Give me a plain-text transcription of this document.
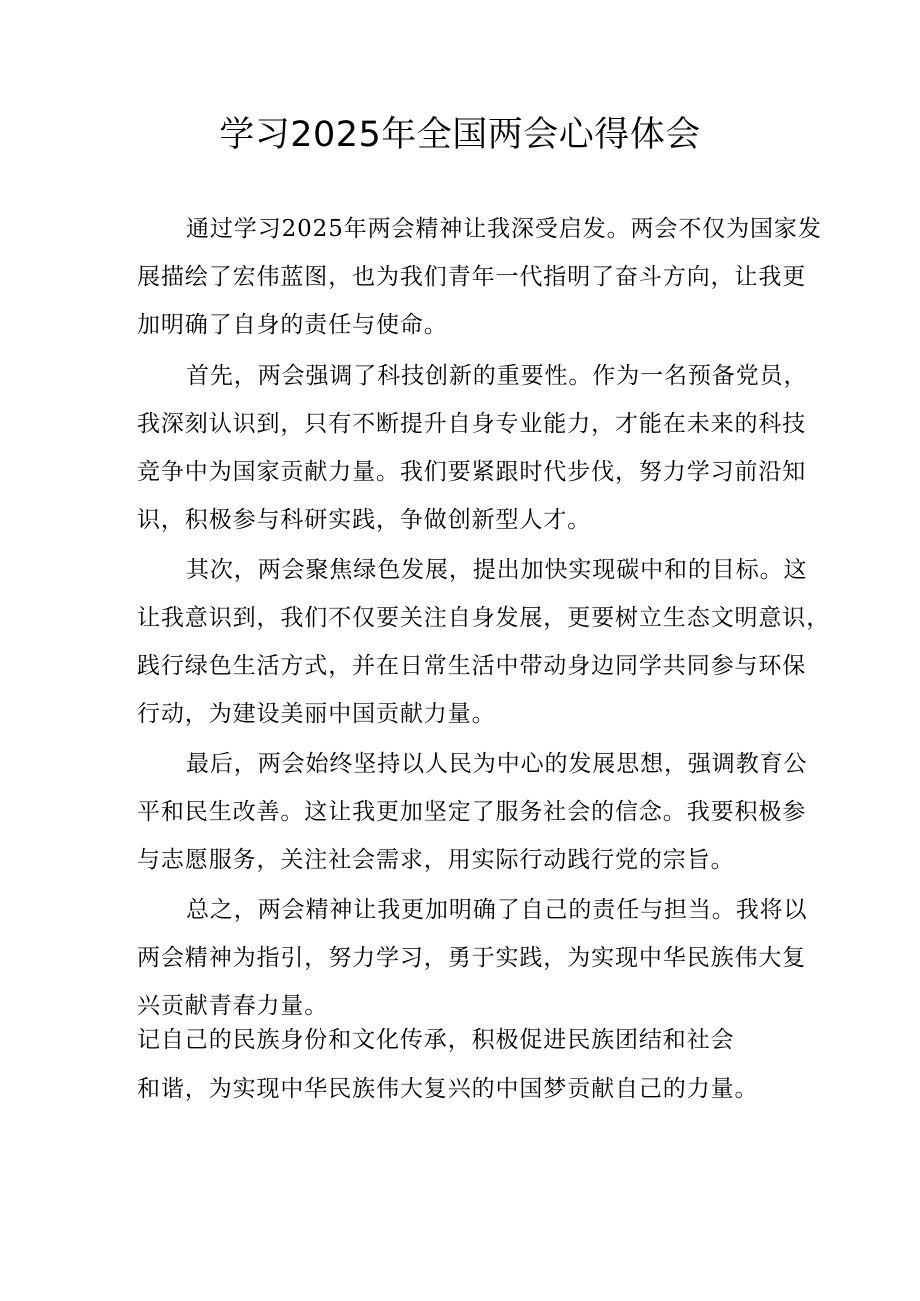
学习2025年全国两会心得体会
通过学习2025年两会精神让我深受启发。两会不仅为国家发
展描绘了宏伟蓝图，也为我们青年一代指明了奋斗方向，让我更
加明确了自身的责任与使命。
首先，两会强调了科技创新的重要性。作为一名预备党员，
我深刻认识到，只有不断提升自身专业能力，才能在未来的科技
竞争中为国家贡献力量。我们要紧跟时代步伐，努力学习前沿知
识，积极参与科研实践，争做创新型人才。
其次，两会聚焦绿色发展，提出加快实现碳中和的目标。这
让我意识到，我们不仅要关注自身发展，更要树立生态文明意识，
践行绿色生活方式，并在日常生活中带动身边同学共同参与环保
行动，为建设美丽中国贡献力量。
最后，两会始终坚持以人民为中心的发展思想，强调教育公
平和民生改善。这让我更加坚定了服务社会的信念。我要积极参
与志愿服务，关注社会需求，用实际行动践行党的宗旨。
总之，两会精神让我更加明确了自己的责任与担当。我将以
两会精神为指引，努力学习，勇于实践，为实现中华民族伟大复
兴贡献青春力量。
记自己的民族身份和文化传承，积极促进民族团结和社会
和谐，为实现中华民族伟大复兴的中国梦贡献自己的力量。
